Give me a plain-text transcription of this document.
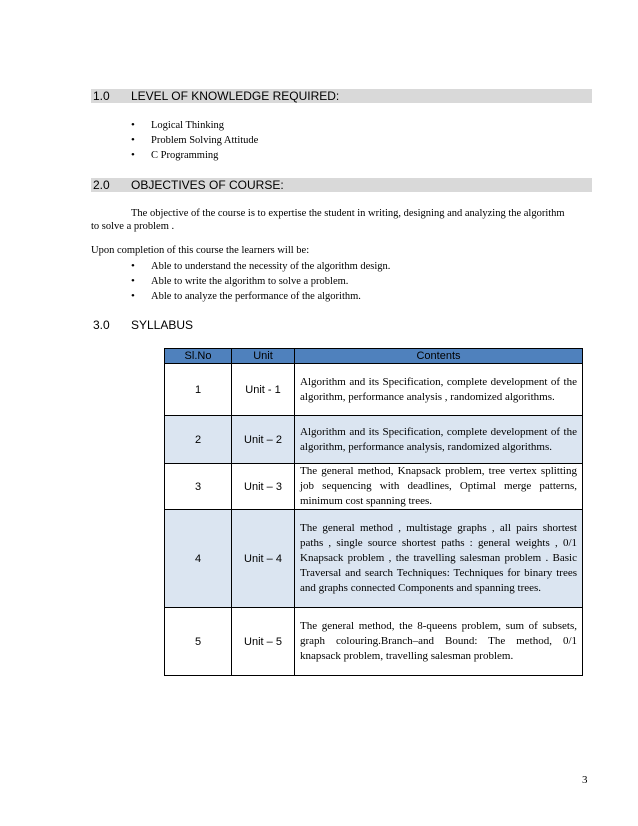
1.0 LEVEL OF KNOWLEDGE REQUIRED:
• Logical Thinking
• Problem Solving Attitude
• C Programming
2.0 OBJECTIVES OF COURSE:
The objective of the course is to expertise the student in writing, designing and analyzing the algorithm
to solve a problem .
Upon completion of this course the learners will be:
• Able to understand the necessity of the algorithm design.
• Able to write the algorithm to solve a problem.
• Able to analyze the performance of the algorithm.
3.0 SYLLABUS
Sl.No	Unit	Contents
1	Unit - 1	Algorithm and its Specification, complete development of the algorithm, performance analysis , randomized algorithms.
2	Unit – 2	Algorithm and its Specification, complete development of the algorithm, performance analysis, randomized algorithms.
3	Unit – 3	The general method, Knapsack problem, tree vertex splitting job sequencing with deadlines, Optimal merge patterns, minimum cost spanning trees.
4	Unit – 4	The general method , multistage graphs , all pairs shortest paths , single source shortest paths : general weights , 0/1 Knapsack problem , the travelling salesman problem . Basic Traversal and search Techniques: Techniques for binary trees and graphs connected Components and spanning trees.
5	Unit – 5	The general method, the 8-queens problem, sum of subsets, graph colouring.Branch–and Bound: The method, 0/1 knapsack problem, travelling salesman problem.
3
